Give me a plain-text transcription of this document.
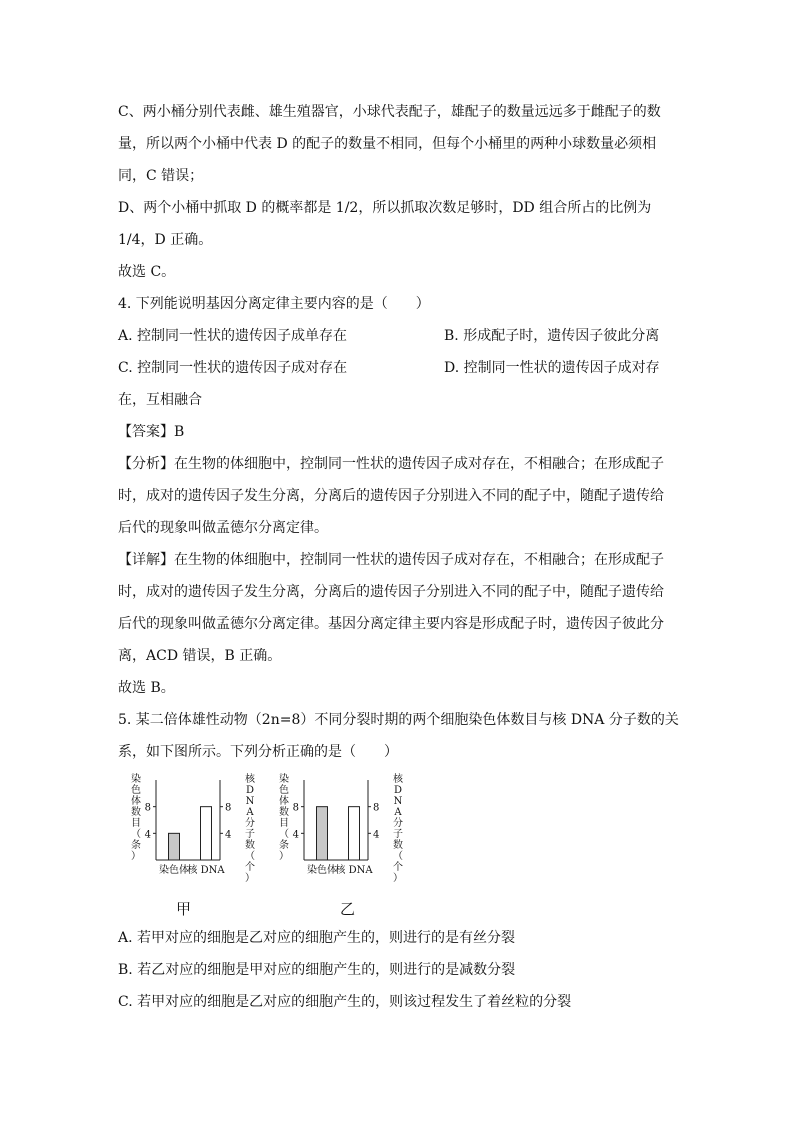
C、两小桶分别代表雌、雄生殖器官，小球代表配子，雄配子的数量远远多于雌配子的数

量，所以两个小桶中代表 D 的配子的数量不相同，但每个小桶里的两种小球数量必须相

同，C 错误；

D、两个小桶中抓取 D 的概率都是 1/2，所以抓取次数足够时，DD 组合所占的比例为

1/4，D 正确。

故选 C。

4. 下列能说明基因分离定律主要内容的是（　　）

A. 控制同一性状的遗传因子成单存在	B. 形成配子时，遗传因子彼此分离
C. 控制同一性状的遗传因子成对存在	D. 控制同一性状的遗传因子成对存

在，互相融合

【答案】B

【分析】在生物的体细胞中，控制同一性状的遗传因子成对存在，不相融合；在形成配子

时，成对的遗传因子发生分离，分离后的遗传因子分别进入不同的配子中，随配子遗传给

后代的现象叫做孟德尔分离定律。

【详解】在生物的体细胞中，控制同一性状的遗传因子成对存在，不相融合；在形成配子

时，成对的遗传因子发生分离，分离后的遗传因子分别进入不同的配子中，随配子遗传给

后代的现象叫做孟德尔分离定律。基因分离定律主要内容是形成配子时，遗传因子彼此分

离，ACD 错误，B 正确。

故选 B。

5. 某二倍体雄性动物（2n=8）不同分裂时期的两个细胞染色体数目与核 DNA 分子数的关

系，如下图所示。下列分析正确的是（　　）

4	4
8	8
染色体
核 DNA
染色体数目（条）
核 D N A 分子数（个）
甲
4	4
8	8
染色体
核 DNA
染色体数目（条）
核 D N A 分子数（个）
乙

A. 若甲对应的细胞是乙对应的细胞产生的，则进行的是有丝分裂

B. 若乙对应的细胞是甲对应的细胞产生的，则进行的是减数分裂

C. 若甲对应的细胞是乙对应的细胞产生的，则该过程发生了着丝粒的分裂
